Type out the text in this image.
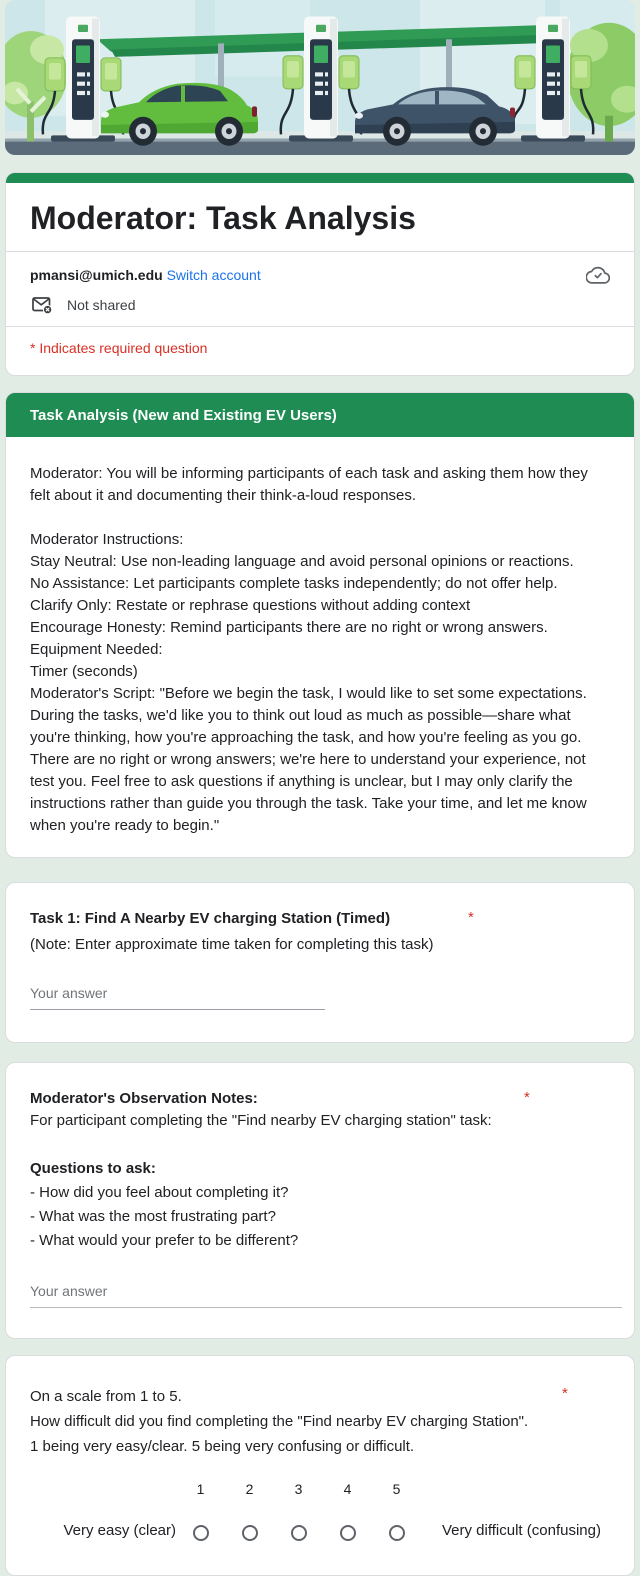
Moderator: Task Analysis
pmansi@umich.edu Switch account
Not shared
* Indicates required question
Task Analysis (New and Existing EV Users)
Moderator: You will be informing participants of each task and asking them how they felt about it and documenting their think-a-loud responses.
Moderator Instructions:
Stay Neutral: Use non-leading language and avoid personal opinions or reactions.
No Assistance: Let participants complete tasks independently; do not offer help.
Clarify Only: Restate or rephrase questions without adding context
Encourage Honesty: Remind participants there are no right or wrong answers.
Equipment Needed:
Timer (seconds)
Moderator's Script: "Before we begin the task, I would like to set some expectations. During the tasks, we'd like you to think out loud as much as possible—share what you're thinking, how you're approaching the task, and how you're feeling as you go. There are no right or wrong answers; we're here to understand your experience, not test you. Feel free to ask questions if anything is unclear, but I may only clarify the instructions rather than guide you through the task. Take your time, and let me know when you're ready to begin."
*
Task 1: Find A Nearby EV charging Station (Timed)
(Note: Enter approximate time taken for completing this task)
Your answer
*
Moderator's Observation Notes:
For participant completing the "Find nearby EV charging station" task:

Questions to ask:
- How did you feel about completing it?
- What was the most frustrating part?
- What would your prefer to be different?
Your answer
*
On a scale from 1 to 5.
How difficult did you find completing the "Find nearby EV charging Station".
1 being very easy/clear. 5 being very confusing or difficult.
Very easy (clear)
1	2	3	4	5
Very difficult (confusing)
